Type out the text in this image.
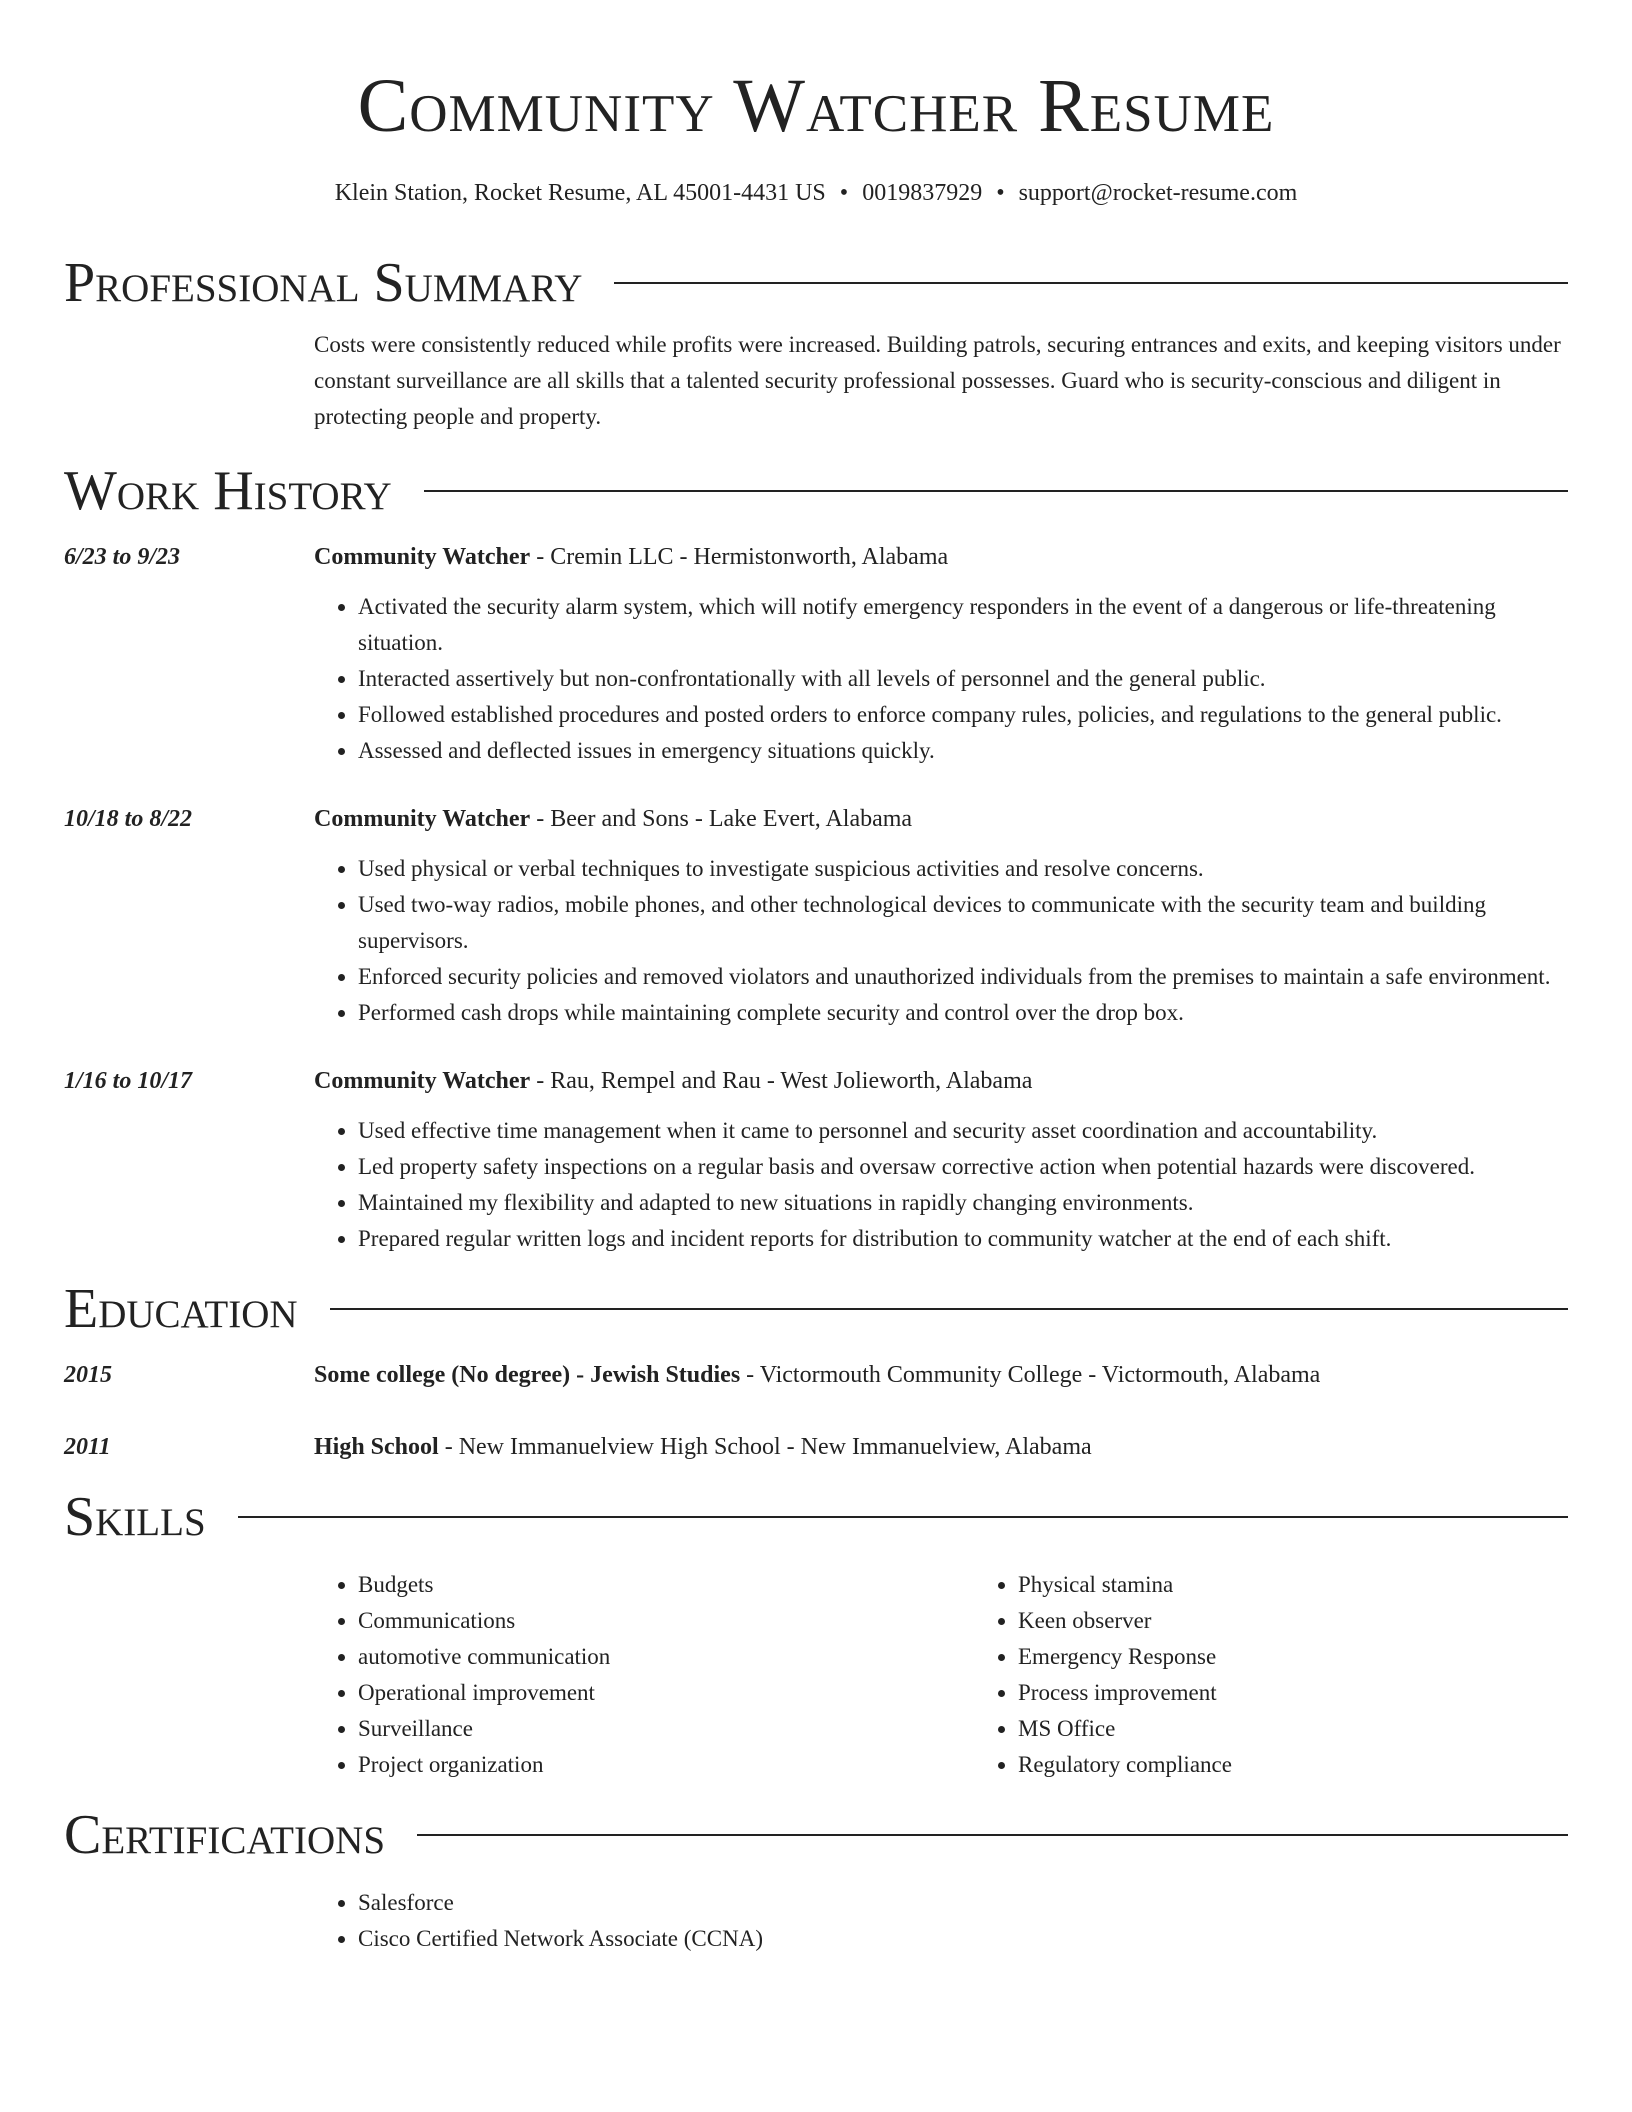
Community Watcher Resume
Klein Station, Rocket Resume, AL 45001-4431 US • 0019837929 • support@rocket-resume.com
Professional Summary
Costs were consistently reduced while profits were increased. Building patrols, securing entrances and exits, and keeping visitors under constant surveillance are all skills that a talented security professional possesses. Guard who is security-conscious and diligent in protecting people and property.
Work History
6/23 to 9/23	Community Watcher - Cremin LLC - Hermistonworth, Alabama
• Activated the security alarm system, which will notify emergency responders in the event of a dangerous or life-threatening situation.
• Interacted assertively but non-confrontationally with all levels of personnel and the general public.
• Followed established procedures and posted orders to enforce company rules, policies, and regulations to the general public.
• Assessed and deflected issues in emergency situations quickly.
10/18 to 8/22	Community Watcher - Beer and Sons - Lake Evert, Alabama
• Used physical or verbal techniques to investigate suspicious activities and resolve concerns.
• Used two-way radios, mobile phones, and other technological devices to communicate with the security team and building supervisors.
• Enforced security policies and removed violators and unauthorized individuals from the premises to maintain a safe environment.
• Performed cash drops while maintaining complete security and control over the drop box.
1/16 to 10/17	Community Watcher - Rau, Rempel and Rau - West Jolieworth, Alabama
• Used effective time management when it came to personnel and security asset coordination and accountability.
• Led property safety inspections on a regular basis and oversaw corrective action when potential hazards were discovered.
• Maintained my flexibility and adapted to new situations in rapidly changing environments.
• Prepared regular written logs and incident reports for distribution to community watcher at the end of each shift.
Education
2015	Some college (No degree) - Jewish Studies - Victormouth Community College - Victormouth, Alabama
2011	High School - New Immanuelview High School - New Immanuelview, Alabama
Skills
• Budgets
• Communications
• automotive communication
• Operational improvement
• Surveillance
• Project organization
• Physical stamina
• Keen observer
• Emergency Response
• Process improvement
• MS Office
• Regulatory compliance
Certifications
• Salesforce
• Cisco Certified Network Associate (CCNA)
